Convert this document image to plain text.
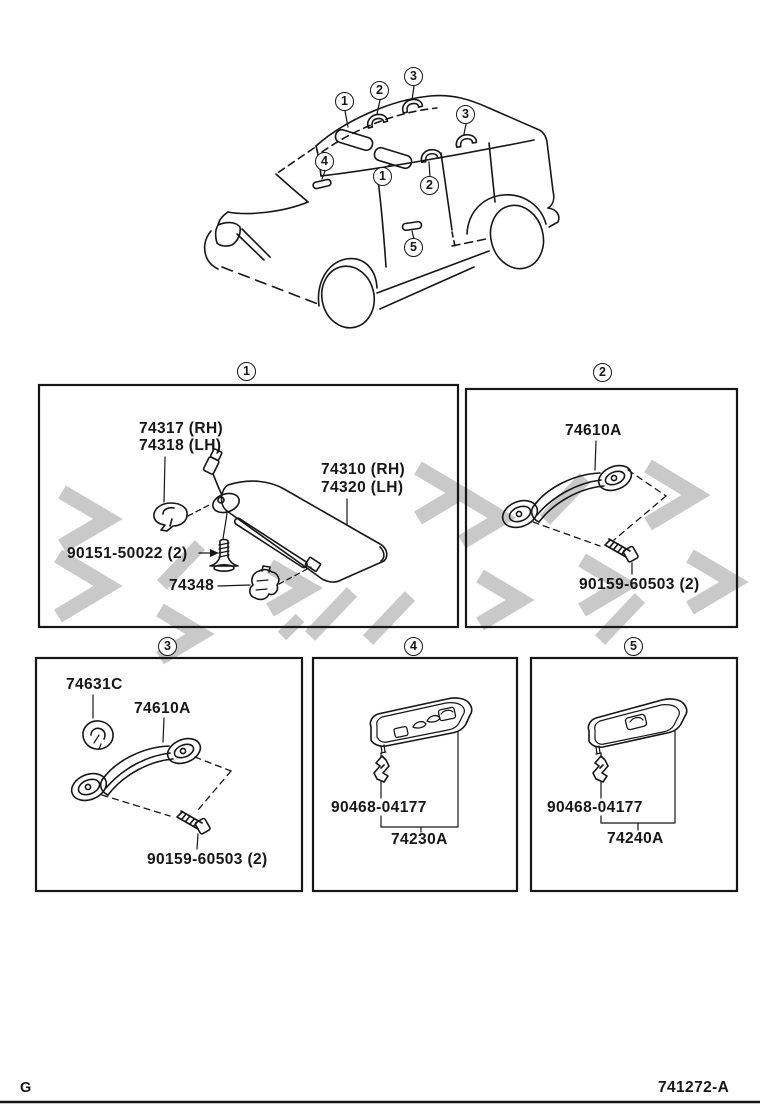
1
2
3
3
4
1
2
5
1	2
3	4	5
74317 (RH)
74318 (LH)
74310 (RH)
74320 (LH)
90151-50022 (2)
74348
74610A
90159-60503 (2)
74631C
74610A
90159-60503 (2)
90468-04177
74230A
90468-04177
74240A
G	741272-A
